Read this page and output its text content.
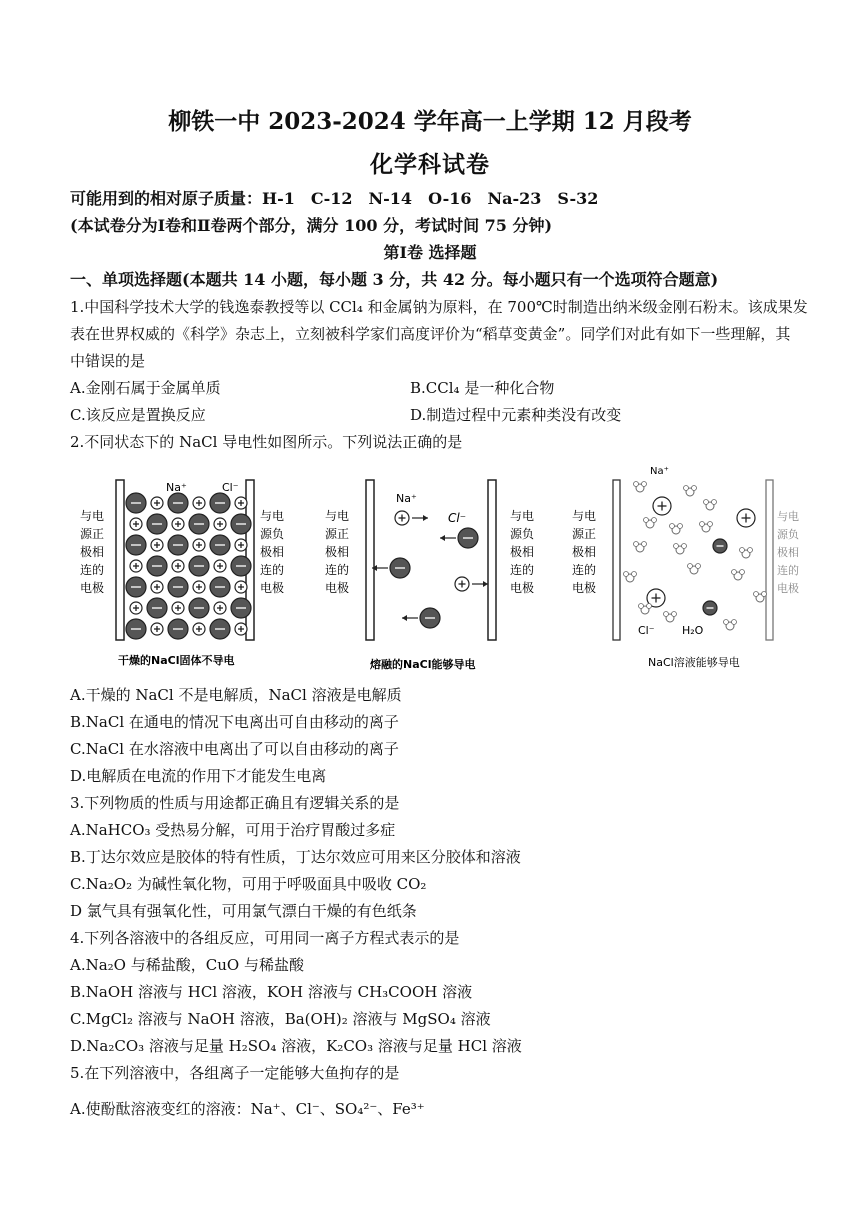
柳铁一中 2023-2024 学年高一上学期 12 月段考
化学科试卷
可能用到的相对原子质量：H-1　C-12　N-14　O-16　Na-23　S-32
(本试卷分为Ⅰ卷和Ⅱ卷两个部分，满分 100 分，考试时间 75 分钟)
第Ⅰ卷 选择题
一、单项选择题(本题共 14 小题，每小题 3 分，共 42 分。每小题只有一个选项符合题意)
1.中国科学技术大学的钱逸泰教授等以 CCl₄ 和金属钠为原料，在 700℃时制造出纳米级金刚石粉末。该成果发
表在世界权威的《科学》杂志上，立刻被科学家们高度评价为“稻草变黄金”。同学们对此有如下一些理解，其
中错误的是
A.金刚石属于金属单质	B.CCl₄ 是一种化合物
C.该反应是置换反应	D.制造过程中元素种类没有改变
2.不同状态下的 NaCl 导电性如图所示。下列说法正确的是
与电
源正
极相
连的
电极
Na⁺	Cl⁻
与电
源负
极相
连的
电极
干燥的NaCl固体不导电
与电
源正
极相
连的
电极
Na⁺
Cl⁻	与电
源负
极相
连的
电极
熔融的NaCl能够导电
与电
源正
极相
连的
电极
Na⁺
Cl⁻ H₂O
与电
源负
极相
连的
电极
NaCl溶液能够导电
A.干燥的 NaCl 不是电解质，NaCl 溶液是电解质
B.NaCl 在通电的情况下电离出可自由移动的离子
C.NaCl 在水溶液中电离出了可以自由移动的离子
D.电解质在电流的作用下才能发生电离
3.下列物质的性质与用途都正确且有逻辑关系的是
A.NaHCO₃ 受热易分解，可用于治疗胃酸过多症
B.丁达尔效应是胶体的特有性质，丁达尔效应可用来区分胶体和溶液
C.Na₂O₂ 为碱性氧化物，可用于呼吸面具中吸收 CO₂
D 氯气具有强氧化性，可用氯气漂白干燥的有色纸条
4.下列各溶液中的各组反应，可用同一离子方程式表示的是
A.Na₂O 与稀盐酸，CuO 与稀盐酸
B.NaOH 溶液与 HCl 溶液，KOH 溶液与 CH₃COOH 溶液
C.MgCl₂ 溶液与 NaOH 溶液，Ba(OH)₂ 溶液与 MgSO₄ 溶液
D.Na₂CO₃ 溶液与足量 H₂SO₄ 溶液，K₂CO₃ 溶液与足量 HCl 溶液
5.在下列溶液中，各组离子一定能够大鱼拘存的是
A.使酚酞溶液变红的溶液：Na⁺、Cl⁻、SO₄²⁻、Fe³⁺
